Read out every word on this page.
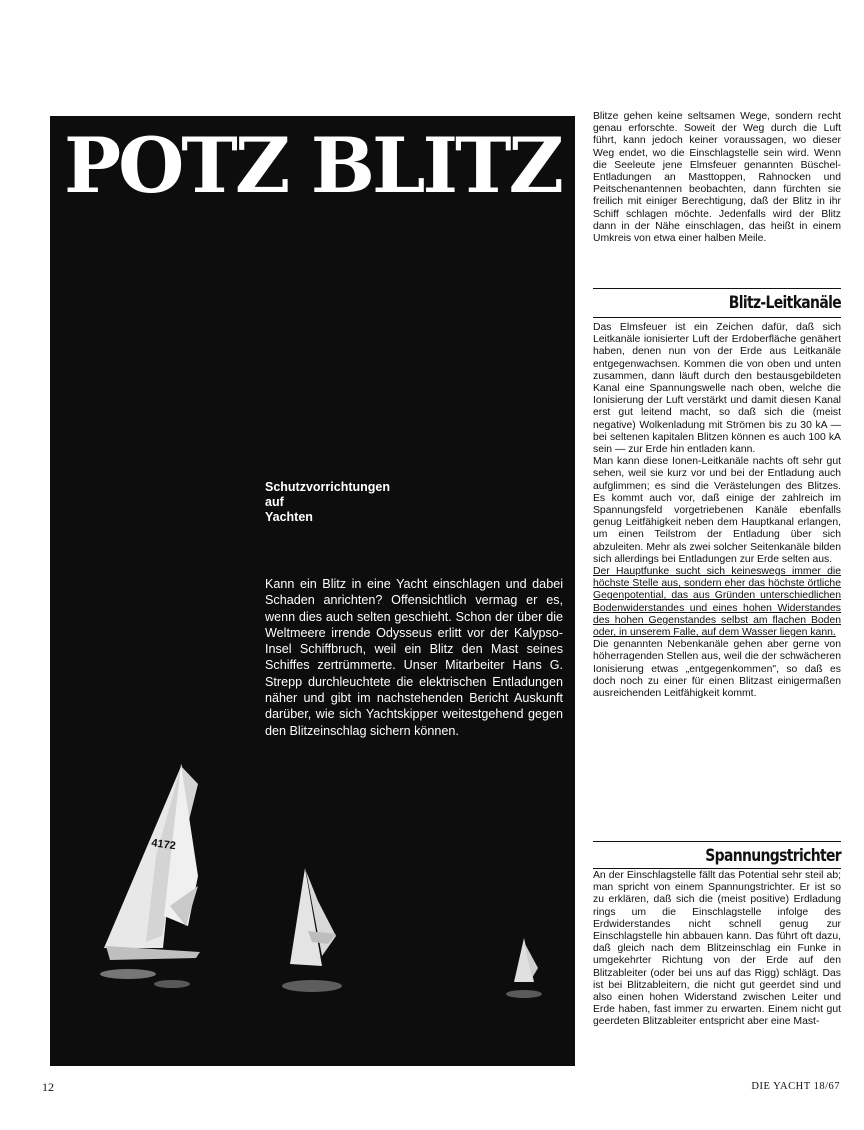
4172
POTZ BLITZ
Schutzvorrichtungen
auf
Yachten
Kann ein Blitz in eine Yacht einschlagen und dabei Schaden anrichten? Offensichtlich vermag er es, wenn dies auch selten geschieht. Schon der über die Weltmeere irrende Odysseus erlitt vor der Kalypso-Insel Schiffbruch, weil ein Blitz den Mast seines Schiffes zertrümmerte. Unser Mitarbeiter Hans G. Strepp durchleuchtete die elektrischen Entladungen näher und gibt im nachstehenden Bericht Auskunft darüber, wie sich Yachtskipper weitestgehend gegen den Blitzeinschlag sichern können.

Blitze gehen keine seltsamen Wege, sondern recht genau erforschte. Soweit der Weg durch die Luft führt, kann jedoch keiner voraussagen, wo dieser Weg endet, wo die Einschlagstelle sein wird. Wenn die Seeleute jene Elmsfeuer genannten Büschel-Entladungen an Masttoppen, Rahnocken und Peitschenantennen beobachten, dann fürchten sie freilich mit einiger Berechtigung, daß der Blitz in ihr Schiff schlagen möchte. Jedenfalls wird der Blitz dann in der Nähe einschlagen, das heißt in einem Umkreis von etwa einer halben Meile.

Blitz-Leitkanäle

Das Elmsfeuer ist ein Zeichen dafür, daß sich Leitkanäle ionisierter Luft der Erdoberfläche genähert haben, denen nun von der Erde aus Leitkanäle entgegenwachsen. Kommen die von oben und unten zusammen, dann läuft durch den bestausgebildeten Kanal eine Spannungswelle nach oben, welche die Ionisierung der Luft verstärkt und damit diesen Kanal erst gut leitend macht, so daß sich die (meist negative) Wolkenladung mit Strömen bis zu 30 kA — bei seltenen kapitalen Blitzen können es auch 100 kA sein — zur Erde hin entladen kann.

Man kann diese Ionen-Leitkanäle nachts oft sehr gut sehen, weil sie kurz vor und bei der Entladung auch aufglimmen; es sind die Verästelungen des Blitzes. Es kommt auch vor, daß einige der zahlreich im Spannungsfeld vorgetriebenen Kanäle ebenfalls genug Leitfähigkeit neben dem Hauptkanal erlangen, um einen Teilstrom der Entladung über sich abzuleiten. Mehr als zwei solcher Seitenkanäle bilden sich allerdings bei Entladungen zur Erde selten aus.

Der Hauptfunke sucht sich keineswegs immer die höchste Stelle aus, sondern eher das höchste örtliche Gegenpotential, das aus Gründen unterschiedlichen Bodenwiderstandes und eines hohen Widerstandes des hohen Gegenstandes selbst am flachen Boden oder, in unserem Falle, auf dem Wasser liegen kann.

Die genannten Nebenkanäle gehen aber gerne von höherragenden Stellen aus, weil die der schwächeren Ionisierung etwas „entgegenkommen", so daß es doch noch zu einer für einen Blitzast einigermaßen ausreichenden Leitfähigkeit kommt.

Spannungstrichter

An der Einschlagstelle fällt das Potential sehr steil ab; man spricht von einem Spannungstrichter. Er ist so zu erklären, daß sich die (meist positive) Erdladung rings um die Einschlagstelle infolge des Erdwiderstandes nicht schnell genug zur Einschlagstelle hin abbauen kann. Das führt oft dazu, daß gleich nach dem Blitzeinschlag ein Funke in umgekehrter Richtung von der Erde auf den Blitzableiter (oder bei uns auf das Rigg) schlägt. Das ist bei Blitzableitern, die nicht gut geerdet sind und also einen hohen Widerstand zwischen Leiter und Erde haben, fast immer zu erwarten. Einem nicht gut geerdeten Blitzableiter entspricht aber eine Mast-

12	DIE YACHT 18/67
